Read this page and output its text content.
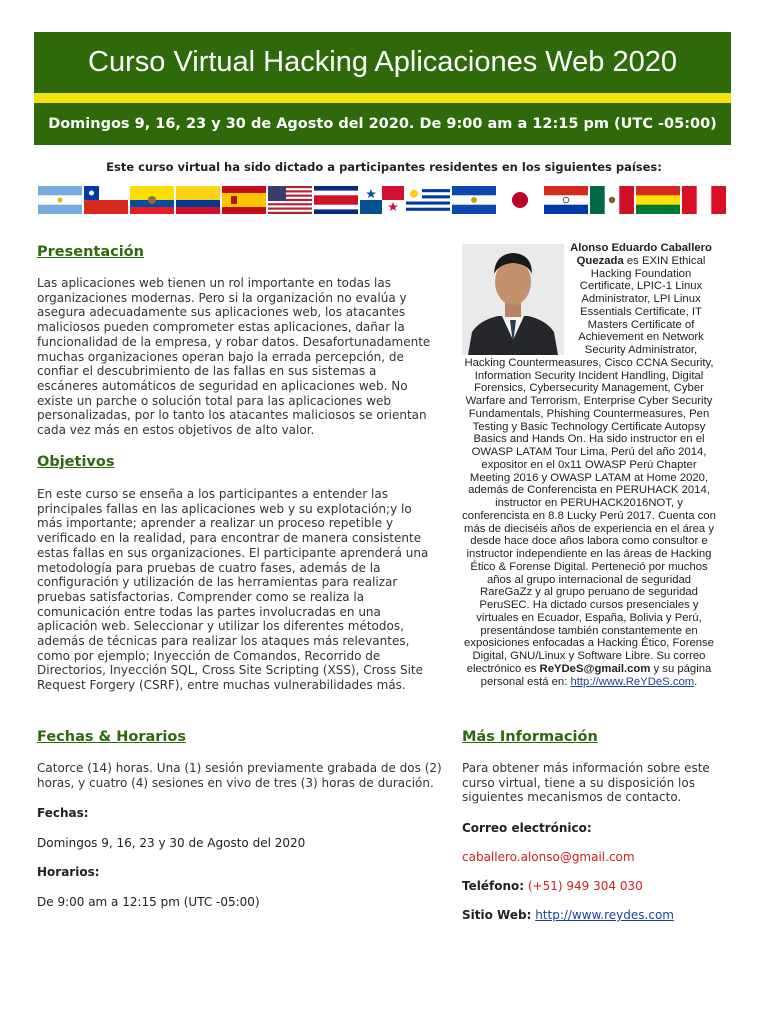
Curso Virtual Hacking Aplicaciones Web 2020
Domingos 9, 16, 23 y 30 de Agosto del 2020. De 9:00 am a 12:15 pm (UTC -05:00)
Este curso virtual ha sido dictado a participantes residentes en los siguientes países:
Presentación
Las aplicaciones web tienen un rol importante en todas las organizaciones modernas. Pero si la organización no evalúa y asegura adecuadamente sus aplicaciones web, los atacantes maliciosos pueden comprometer estas aplicaciones, dañar la funcionalidad de la empresa, y robar datos. Desafortunadamente muchas organizaciones operan bajo la errada percepción, de confiar el descubrimiento de las fallas en sus sistemas a escáneres automáticos de seguridad en aplicaciones web. No existe un parche o solución total para las aplicaciones web personalizadas, por lo tanto los atacantes maliciosos se orientan cada vez más en estos objetivos de alto valor.
Objetivos
En este curso se enseña a los participantes a entender las principales fallas en las aplicaciones web y su explotación;y lo más importante; aprender a realizar un proceso repetible y verificado en la realidad, para encontrar de manera consistente estas fallas en sus organizaciones. El participante aprenderá una metodología para pruebas de cuatro fases, además de la configuración y utilización de las herramientas para realizar pruebas satisfactorias. Comprender como se realiza la comunicación entre todas las partes involucradas en una aplicación web. Seleccionar y utilizar los diferentes métodos, además de técnicas para realizar los ataques más relevantes, como por ejemplo; Inyección de Comandos, Recorrido de Directorios, Inyección SQL, Cross Site Scripting (XSS), Cross Site Request Forgery (CSRF), entre muchas vulnerabilidades más.
Alonso Eduardo Caballero Quezada es EXIN Ethical Hacking Foundation Certificate, LPIC-1 Linux Administrator, LPI Linux Essentials Certificate, IT Masters Certificate of Achievement en Network Security Administrator, Hacking Countermeasures, Cisco CCNA Security, Information Security Incident Handling, Digital Forensics, Cybersecurity Management, Cyber Warfare and Terrorism, Enterprise Cyber Security Fundamentals, Phishing Countermeasures, Pen Testing y Basic Technology Certificate Autopsy Basics and Hands On. Ha sido instructor en el OWASP LATAM Tour Lima, Perú del año 2014, expositor en el 0x11 OWASP Perú Chapter Meeting 2016 y OWASP LATAM at Home 2020, además de Conferencista en PERUHACK 2014, instructor en PERUHACK2016NOT, y conferencista en 8.8 Lucky Perú 2017. Cuenta con más de dieciséis años de experiencia en el área y desde hace doce años labora como consultor e instructor independiente en las áreas de Hacking Ético & Forense Digital. Perteneció por muchos años al grupo internacional de seguridad RareGaZz y al grupo peruano de seguridad PeruSEC. Ha dictado cursos presenciales y virtuales en Ecuador, España, Bolivia y Perú, presentándose también constantemente en exposiciones enfocadas a Hacking Ético, Forense Digital, GNU/Linux y Software Libre. Su correo electrónico es ReYDeS@gmail.com y su página personal está en: http://www.ReYDeS.com.
Fechas & Horarios
Catorce (14) horas. Una (1) sesión previamente grabada de dos (2) horas, y cuatro (4) sesiones en vivo de tres (3) horas de duración.
Fechas:
Domingos 9, 16, 23 y 30 de Agosto del 2020
Horarios:
De 9:00 am a 12:15 pm (UTC -05:00)
Más Información
Para obtener más información sobre este curso virtual, tiene a su disposición los siguientes mecanismos de contacto.
Correo electrónico:
caballero.alonso@gmail.com
Teléfono: (+51) 949 304 030
Sitio Web: http://www.reydes.com
